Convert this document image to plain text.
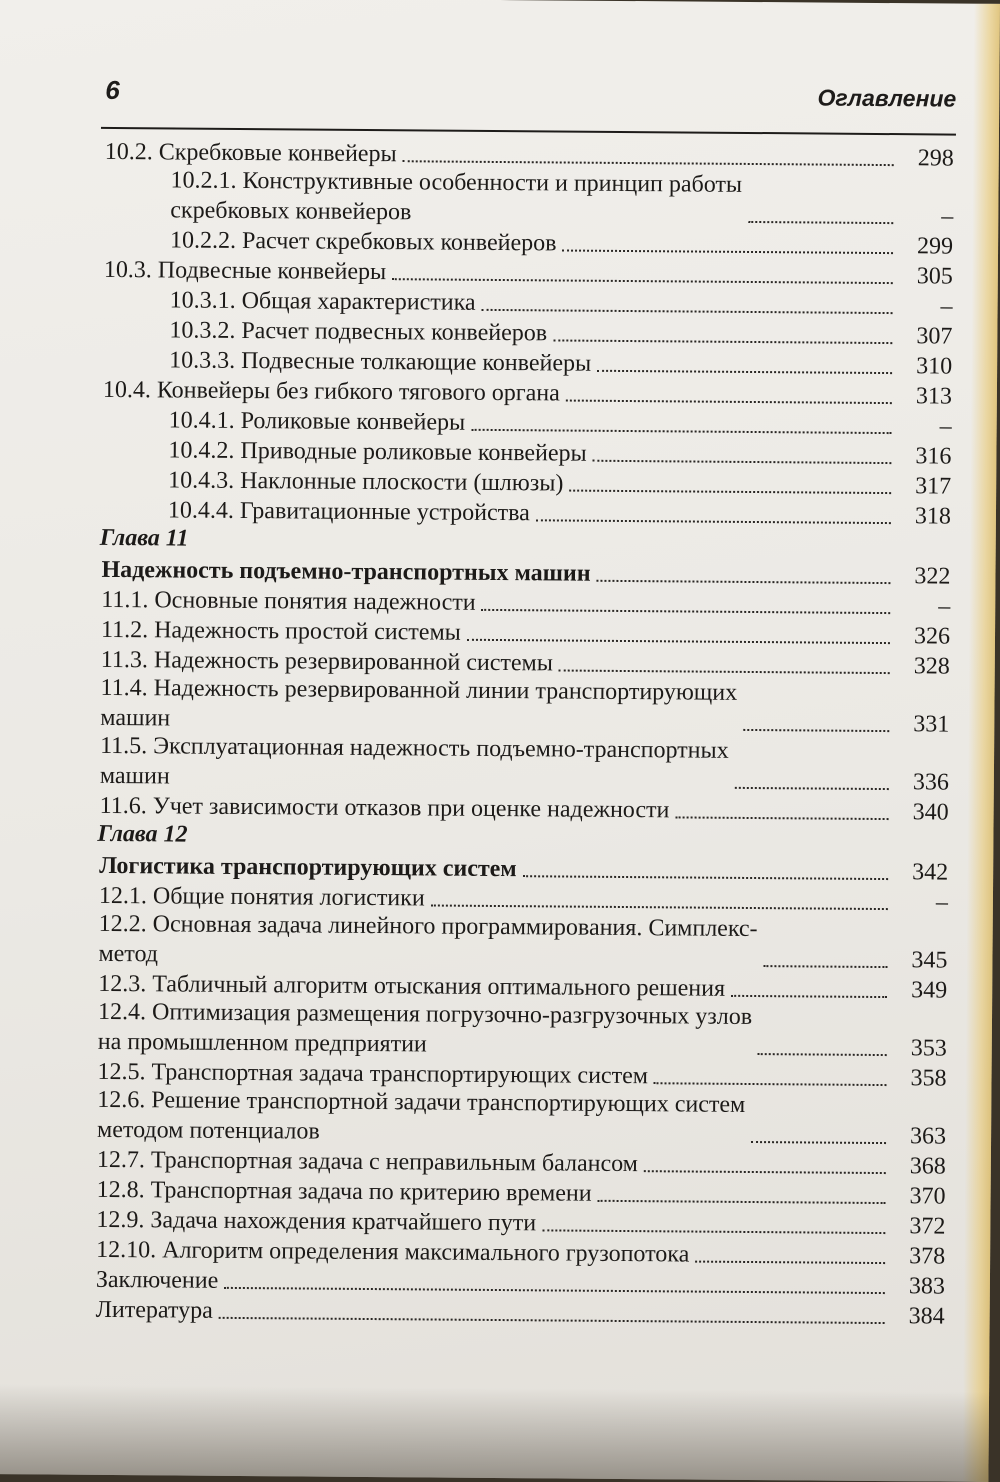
6	Оглавление
10.2. Скребковые конвейеры	298
10.2.1. Конструктивные особенности и принцип работы
скребковых конвейеров	–
10.2.2. Расчет скребковых конвейеров	299
10.3. Подвесные конвейеры	305
10.3.1. Общая характеристика	–
10.3.2. Расчет подвесных конвейеров	307
10.3.3. Подвесные толкающие конвейеры	310
10.4. Конвейеры без гибкого тягового органа	313
10.4.1. Роликовые конвейеры	–
10.4.2. Приводные роликовые конвейеры	316
10.4.3. Наклонные плоскости (шлюзы)	317
10.4.4. Гравитационные устройства	318
Глава 11
Надежность подъемно-транспортных машин	322
11.1. Основные понятия надежности	–
11.2. Надежность простой системы	326
11.3. Надежность резервированной системы	328
11.4. Надежность резервированной линии транспортирующих
машин	331
11.5. Эксплуатационная надежность подъемно-транспортных
машин	336
11.6. Учет зависимости отказов при оценке надежности	340
Глава 12
Логистика транспортирующих систем	342
12.1. Общие понятия логистики	–
12.2. Основная задача линейного программирования. Симплекс-
метод	345
12.3. Табличный алгоритм отыскания оптимального решения	349
12.4. Оптимизация размещения погрузочно-разгрузочных узлов
на промышленном предприятии	353
12.5. Транспортная задача транспортирующих систем	358
12.6. Решение транспортной задачи транспортирующих систем
методом потенциалов	363
12.7. Транспортная задача с неправильным балансом	368
12.8. Транспортная задача по критерию времени	370
12.9. Задача нахождения кратчайшего пути	372
12.10. Алгоритм определения максимального грузопотока	378
Заключение	383
Литература	384
